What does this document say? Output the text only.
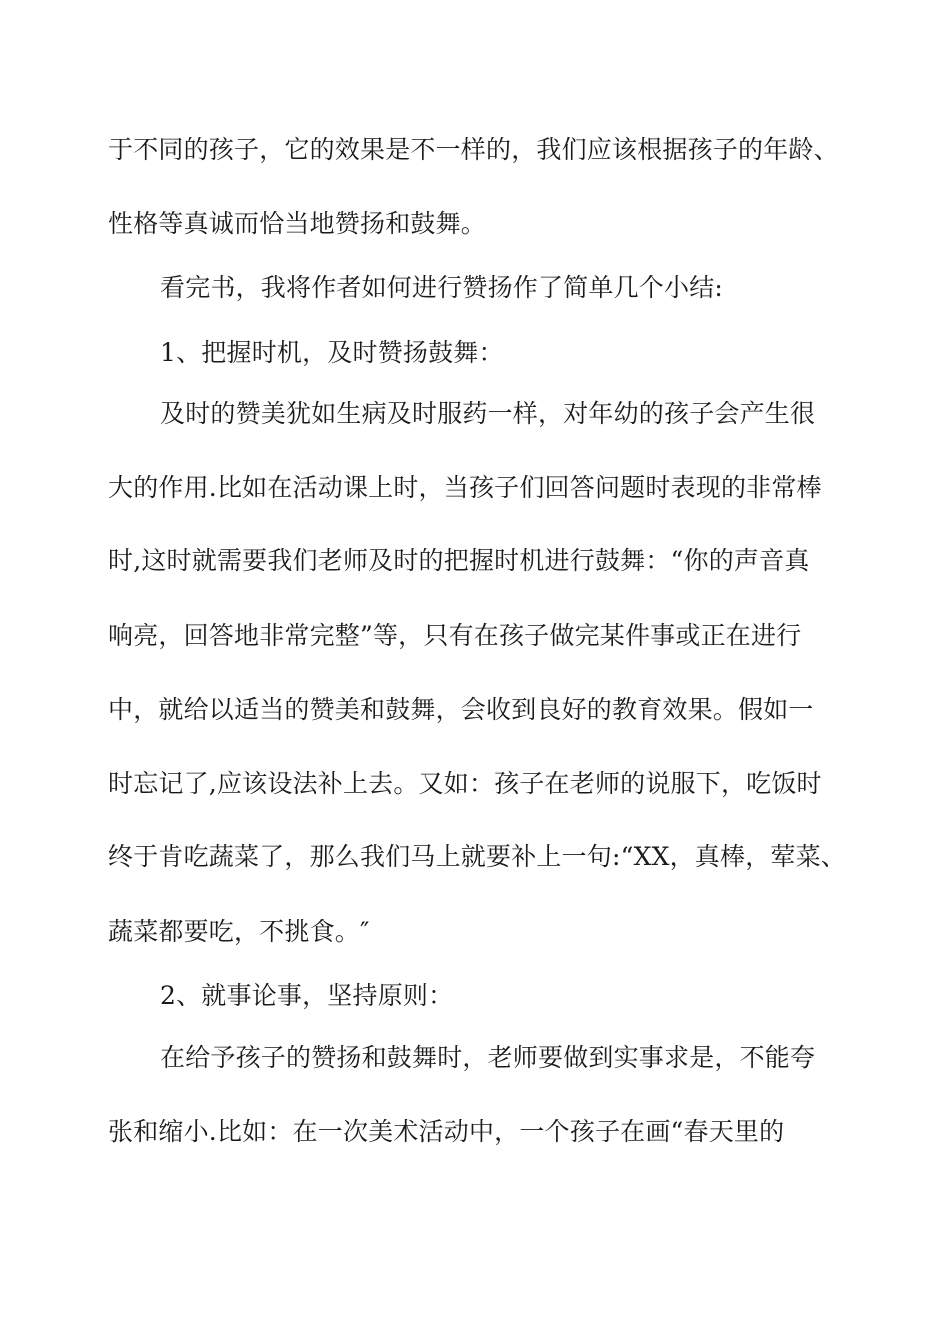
于不同的孩子，它的效果是不一样的，我们应该根据孩子的年龄、
性格等真诚而恰当地赞扬和鼓舞。
看完书，我将作者如何进行赞扬作了简单几个小结:
1、把握时机，及时赞扬鼓舞：
及时的赞美犹如生病及时服药一样，对年幼的孩子会产生很
大的作用.比如在活动课上时，当孩子们回答问题时表现的非常棒
时,这时就需要我们老师及时的把握时机进行鼓舞：“你的声音真
响亮，回答地非常完整”等，只有在孩子做完某件事或正在进行
中，就给以适当的赞美和鼓舞，会收到良好的教育效果。假如一
时忘记了,应该设法补上去。又如：孩子在老师的说服下，吃饭时
终于肯吃蔬菜了，那么我们马上就要补上一句:“XX，真棒，荤菜、
蔬菜都要吃，不挑食。″
2、就事论事，坚持原则：
在给予孩子的赞扬和鼓舞时，老师要做到实事求是，不能夸
张和缩小.比如：在一次美术活动中，一个孩子在画“春天里的
